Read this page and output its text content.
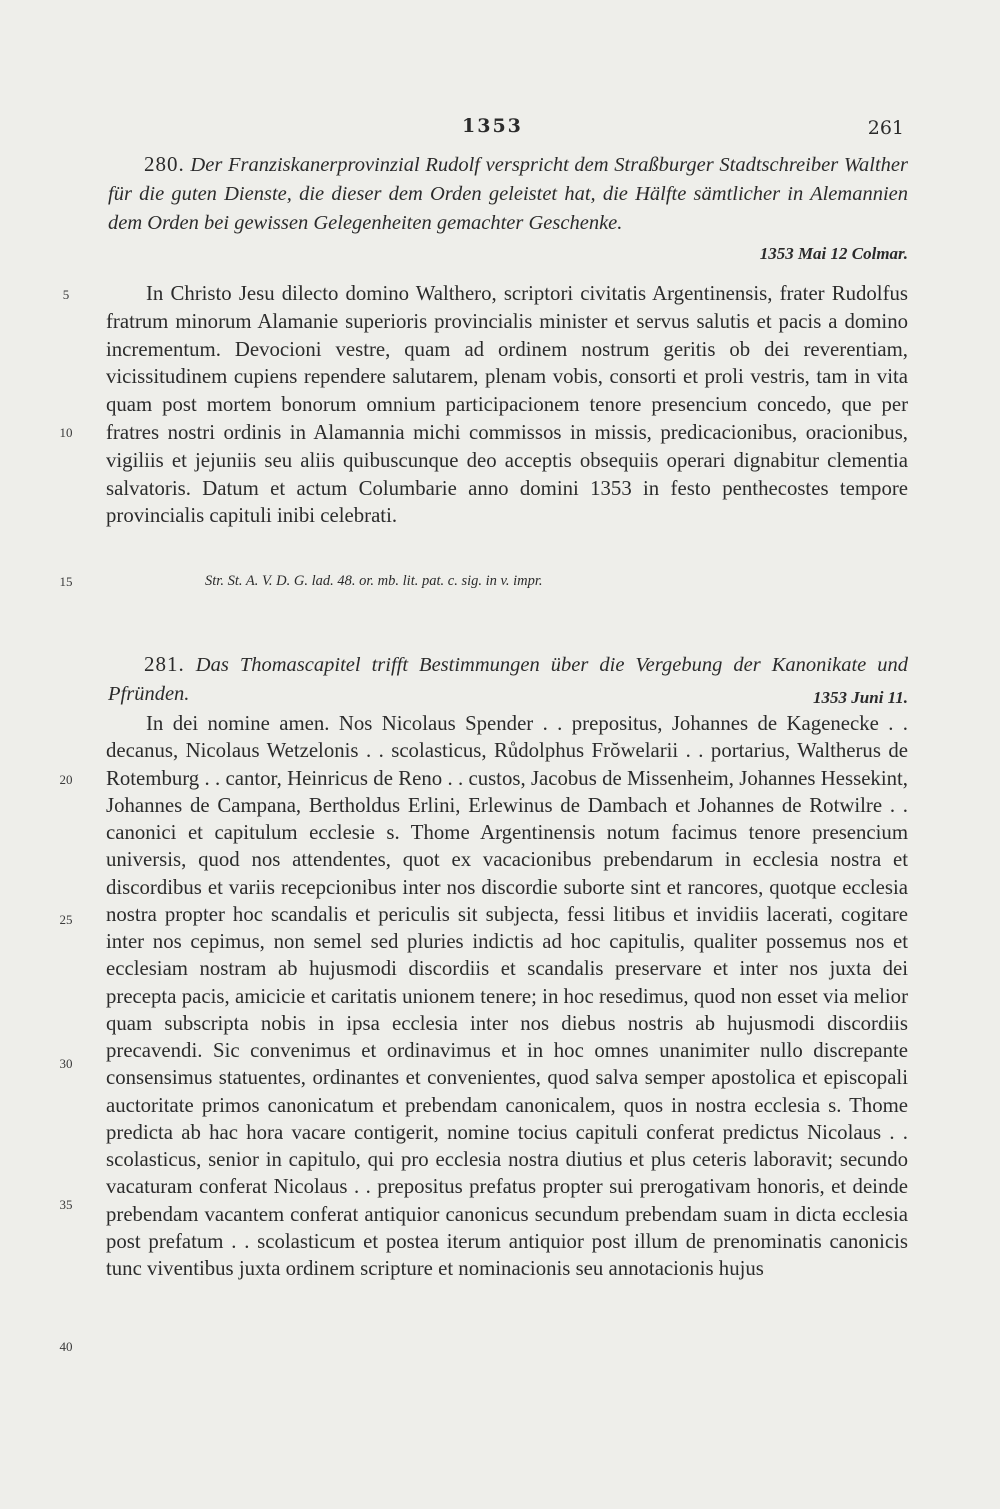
1353	261
280. Der Franziskanerprovinzial Rudolf verspricht dem Straßburger Stadtschreiber Walther für die guten Dienste, die dieser dem Orden geleistet hat, die Hälfte sämtlicher in Alemannien dem Orden bei gewissen Gelegenheiten gemachter Geschenke.
1353 Mai 12 Colmar.
In Christo Jesu dilecto domino Walthero, scriptori civitatis Argentinensis, frater Rudolfus fratrum minorum Alamanie superioris provincialis minister et servus salutis et pacis a domino incrementum. Devocioni vestre, quam ad ordinem nostrum geritis ob dei reverentiam, vicissitudinem cupiens rependere salutarem, plenam vobis, consorti et proli vestris, tam in vita quam post mortem bonorum omnium participacionem tenore presencium concedo, que per fratres nostri ordinis in Alamannia michi commissos in missis, predicacionibus, oracionibus, vigiliis et jejuniis seu aliis quibuscunque deo acceptis obsequiis operari dignabitur clementia salvatoris. Datum et actum Columbarie anno domini 1353 in festo penthecostes tempore provincialis capituli inibi celebrati.
Str. St. A. V. D. G. lad. 48. or. mb. lit. pat. c. sig. in v. impr.
281. Das Thomascapitel trifft Bestimmungen über die Vergebung der Kanonikate und Pfründen.	1353 Juni 11.
In dei nomine amen. Nos Nicolaus Spender . . prepositus, Johannes de Kagenecke . . decanus, Nicolaus Wetzelonis . . scolasticus, Růdolphus Frŏwelarii . . portarius, Waltherus de Rotemburg . . cantor, Heinricus de Reno . . custos, Jacobus de Missenheim, Johannes Hessekint, Johannes de Campana, Bertholdus Erlini, Erlewinus de Dambach et Johannes de Rotwilre . . canonici et capitulum ecclesie s. Thome Argentinensis notum facimus tenore presencium universis, quod nos attendentes, quot ex vacacionibus prebendarum in ecclesia nostra et discordibus et variis recepcionibus inter nos discordie suborte sint et rancores, quotque ecclesia nostra propter hoc scandalis et periculis sit subjecta, fessi litibus et invidiis lacerati, cogitare inter nos cepimus, non semel sed pluries indictis ad hoc capitulis, qualiter possemus nos et ecclesiam nostram ab hujusmodi discordiis et scandalis preservare et inter nos juxta dei precepta pacis, amicicie et caritatis unionem tenere; in hoc resedimus, quod non esset via melior quam subscripta nobis in ipsa ecclesia inter nos diebus nostris ab hujusmodi discordiis precavendi. Sic convenimus et ordinavimus et in hoc omnes unanimiter nullo discrepante consensimus statuentes, ordinantes et convenientes, quod salva semper apostolica et episcopali auctoritate primos canonicatum et prebendam canonicalem, quos in nostra ecclesia s. Thome predicta ab hac hora vacare contigerit, nomine tocius capituli conferat predictus Nicolaus . . scolasticus, senior in capitulo, qui pro ecclesia nostra diutius et plus ceteris laboravit; secundo vacaturam conferat Nicolaus . . prepositus prefatus propter sui prerogativam honoris, et deinde prebendam vacantem conferat antiquior canonicus secundum prebendam suam in dicta ecclesia post prefatum . . scolasticum et postea iterum antiquior post illum de prenominatis canonicis tunc viventibus juxta ordinem scripture et nominacionis seu annotacionis hujus
5
10
15
20
25
30
35
40
